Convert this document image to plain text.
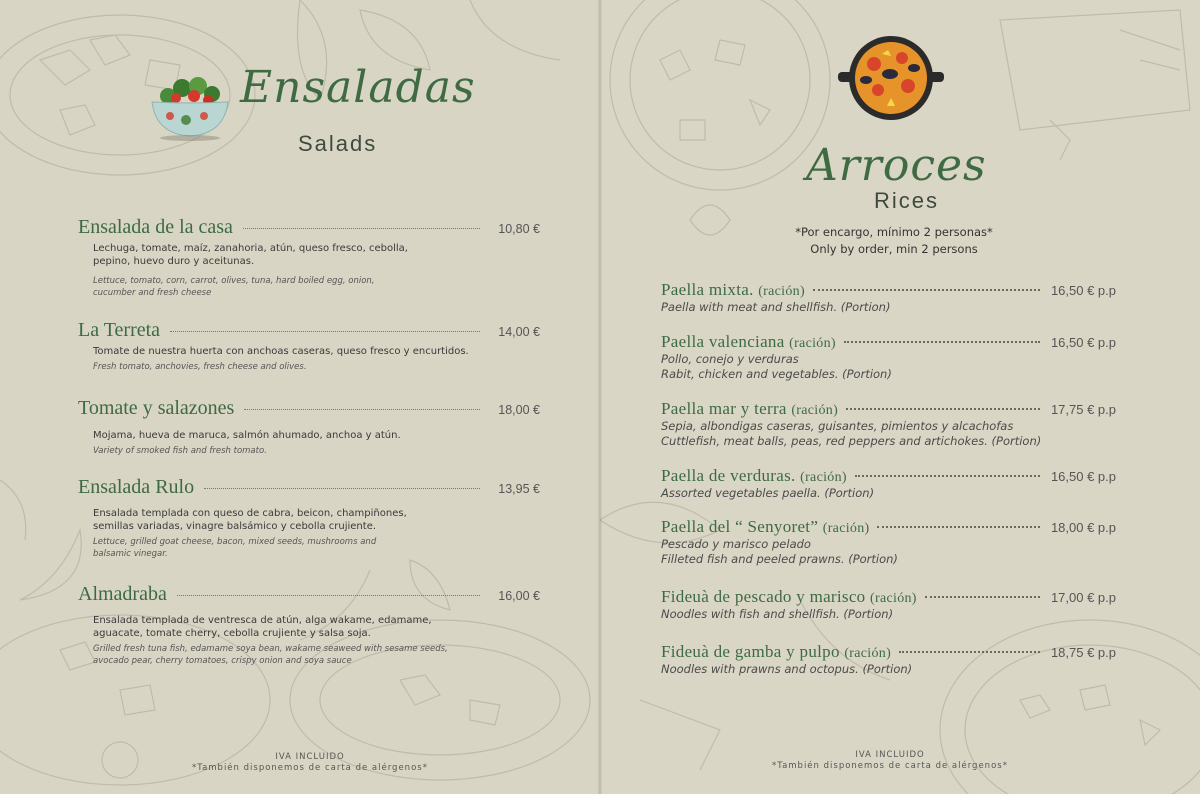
Ensaladas
Salads
Ensalada de la casa	10,80 €
Lechuga, tomate, maíz, zanahoria, atún, queso fresco, cebolla, pepino, huevo duro y aceitunas.
Lettuce, tomato, corn, carrot, olives, tuna, hard boiled egg, onion, cucumber and fresh cheese
La Terreta	14,00 €
Tomate de nuestra huerta con anchoas caseras, queso fresco y encurtidos.
Fresh tomato, anchovies, fresh cheese and olives.
Tomate y salazones	18,00 €
Mojama, hueva de maruca, salmón ahumado, anchoa y atún.
Variety of smoked fish and fresh tomato.
Ensalada Rulo	13,95 €
Ensalada templada con queso de cabra, beicon, champiñones, semillas variadas, vinagre balsámico y cebolla crujiente.
Lettuce, grilled goat cheese, bacon, mixed seeds, mushrooms and balsamic vinegar.
Almadraba	16,00 €
Ensalada templada de ventresca de atún, alga wakame, edamame, aguacate, tomate cherry, cebolla crujiente y salsa soja.
Grilled fresh tuna fish, edamame soya bean, wakame seaweed with sesame seeds, avocado pear, cherry tomatoes, crispy onion and soya sauce
IVA INCLUIDO
*También disponemos de carta de alérgenos*
Arroces
Rices
*Por encargo, mínimo 2 personas*
Only by order, min 2 persons
Paella mixta. (ración)	16,50 € p.p
Paella with meat and shellfish. (Portion)
Paella valenciana (ración)	16,50 € p.p
Pollo, conejo y verduras
Rabit, chicken and vegetables. (Portion)
Paella mar y terra (ración)	17,75 € p.p
Sepia, albondigas caseras, guisantes, pimientos y alcachofas
Cuttlefish, meat balls, peas, red peppers and artichokes. (Portion)
Paella de verduras. (ración)	16,50 € p.p
Assorted vegetables paella. (Portion)
Paella del “ Senyoret” (ración)	18,00 € p.p
Pescado y marisco pelado
Filleted fish and peeled prawns. (Portion)
Fideuà de pescado y marisco (ración)	17,00 € p.p
Noodles with fish and shellfish. (Portion)
Fideuà de gamba y pulpo (ración)	18,75 € p.p
Noodles with prawns and octopus. (Portion)
IVA INCLUIDO
*También disponemos de carta de alérgenos*
